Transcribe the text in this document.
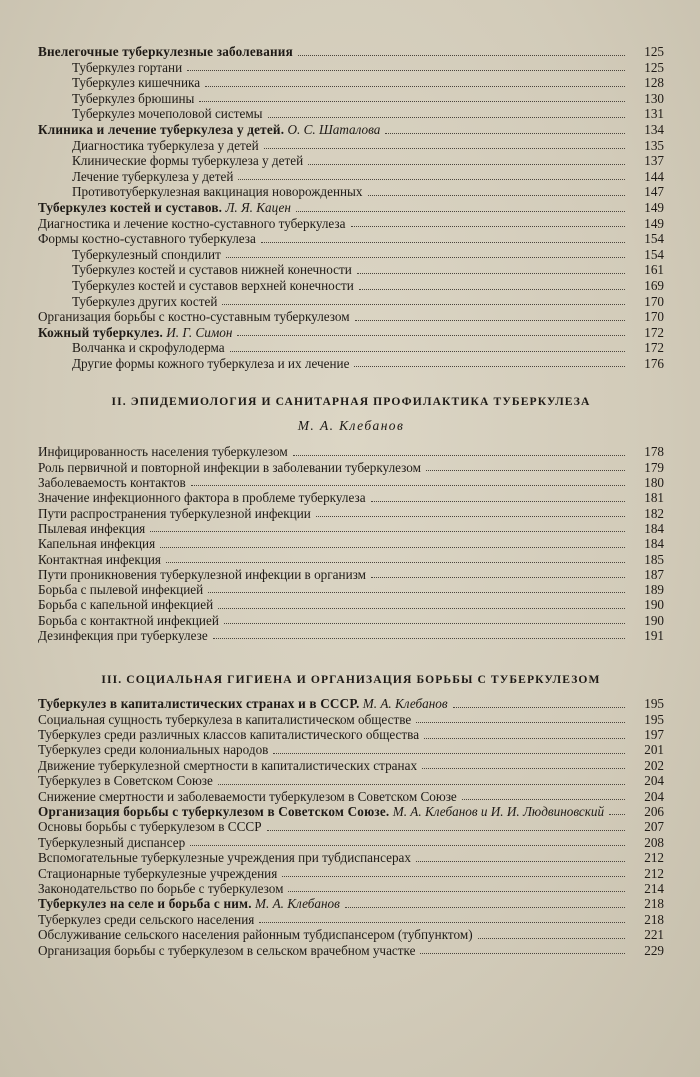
Внелегочные туберкулезные заболевания	125
Туберкулез гортани	125
Туберкулез кишечника	128
Туберкулез брюшины	130
Туберкулез мочеполовой системы	131
Клиника и лечение туберкулеза у детей. О. С. Шаталова	134
Диагностика туберкулеза у детей	135
Клинические формы туберкулеза у детей	137
Лечение туберкулеза у детей	144
Противотуберкулезная вакцинация новорожденных	147
Туберкулез костей и суставов. Л. Я. Кацен	149
Диагностика и лечение костно-суставного туберкулеза	149
Формы костно-суставного туберкулеза	154
Туберкулезный спондилит	154
Туберкулез костей и суставов нижней конечности	161
Туберкулез костей и суставов верхней конечности	169
Туберкулез других костей	170
Организация борьбы с костно-суставным туберкулезом	170
Кожный туберкулез. И. Г. Симон	172
Волчанка и скрофулодерма	172
Другие формы кожного туберкулеза и их лечение	176
II. ЭПИДЕМИОЛОГИЯ И САНИТАРНАЯ ПРОФИЛАКТИКА ТУБЕРКУЛЕЗА
М. А. Клебанов
Инфицированность населения туберкулезом	178
Роль первичной и повторной инфекции в заболевании туберкулезом	179
Заболеваемость контактов	180
Значение инфекционного фактора в проблеме туберкулеза	181
Пути распространения туберкулезной инфекции	182
Пылевая инфекция	184
Капельная инфекция	184
Контактная инфекция	185
Пути проникновения туберкулезной инфекции в организм	187
Борьба с пылевой инфекцией	189
Борьба с капельной инфекцией	190
Борьба с контактной инфекцией	190
Дезинфекция при туберкулезе	191
III. СОЦИАЛЬНАЯ ГИГИЕНА И ОРГАНИЗАЦИЯ БОРЬБЫ С ТУБЕРКУЛЕЗОМ
Туберкулез в капиталистических странах и в СССР. М. А. Клебанов	195
Социальная сущность туберкулеза в капиталистическом обществе	195
Туберкулез среди различных классов капиталистического общества	197
Туберкулез среди колониальных народов	201
Движение туберкулезной смертности в капиталистических странах	202
Туберкулез в Советском Союзе	204
Снижение смертности и заболеваемости туберкулезом в Советском Союзе	204
Организация борьбы с туберкулезом в Советском Союзе. М. А. Клебанов и И. И. Людвиновский	206
Основы борьбы с туберкулезом в СССР	207
Туберкулезный диспансер	208
Вспомогательные туберкулезные учреждения при тубдиспансерах	212
Стационарные туберкулезные учреждения	212
Законодательство по борьбе с туберкулезом	214
Туберкулез на селе и борьба с ним. М. А. Клебанов	218
Туберкулез среди сельского населения	218
Обслуживание сельского населения районным тубдиспансером (тубпунктом)	221
Организация борьбы с туберкулезом в сельском врачебном участке	229
